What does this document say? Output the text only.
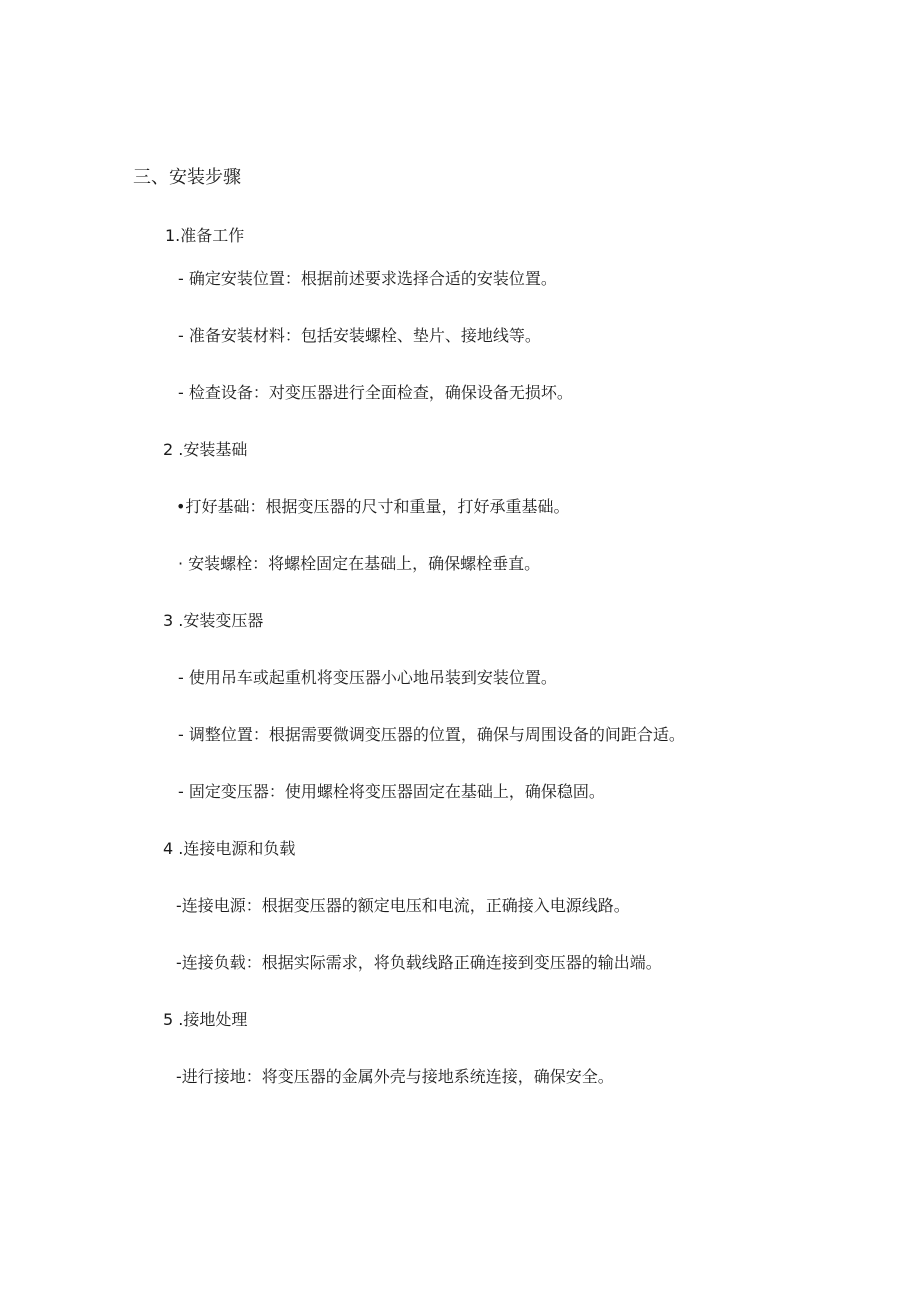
三、安装步骤
1.准备工作
- 确定安装位置：根据前述要求选择合适的安装位置。
- 准备安装材料：包括安装螺栓、垫片、接地线等。
- 检查设备：对变压器进行全面检查，确保设备无损坏。
2 .安装基础
•打好基础：根据变压器的尺寸和重量，打好承重基础。
· 安装螺栓：将螺栓固定在基础上，确保螺栓垂直。
3 .安装变压器
- 使用吊车或起重机将变压器小心地吊装到安装位置。
- 调整位置：根据需要微调变压器的位置，确保与周围设备的间距合适。
- 固定变压器：使用螺栓将变压器固定在基础上，确保稳固。
4 .连接电源和负载
-连接电源：根据变压器的额定电压和电流，正确接入电源线路。
-连接负载：根据实际需求，将负载线路正确连接到变压器的输出端。
5 .接地处理
-进行接地：将变压器的金属外壳与接地系统连接，确保安全。
